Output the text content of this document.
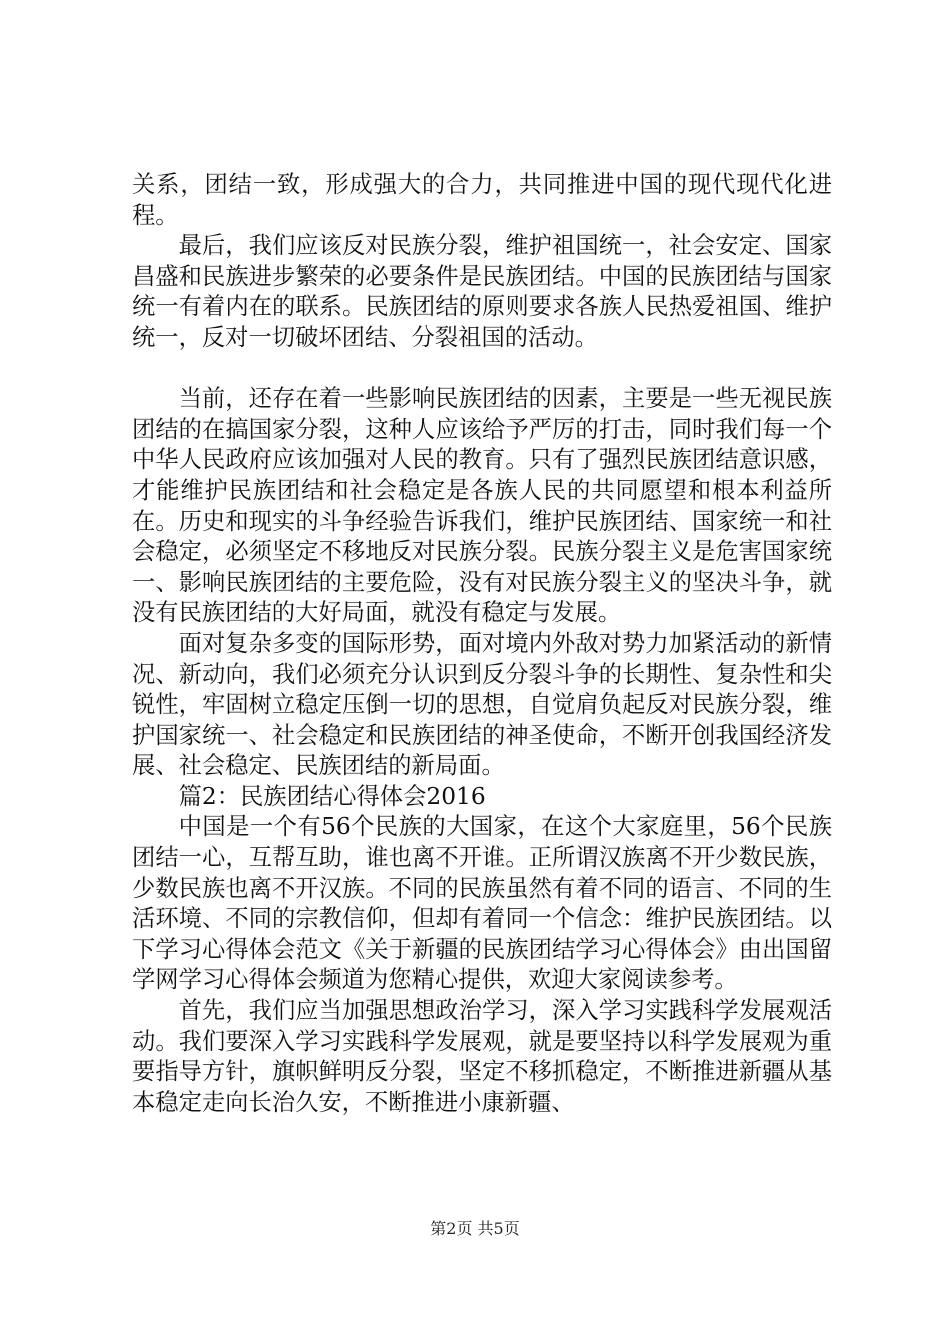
关系，团结一致，形成强大的合力，共同推进中国的现代现代化进程。

最后，我们应该反对民族分裂，维护祖国统一，社会安定、国家昌盛和民族进步繁荣的必要条件是民族团结。中国的民族团结与国家统一有着内在的联系。民族团结的原则要求各族人民热爱祖国、维护统一，反对一切破坏团结、分裂祖国的活动。

当前，还存在着一些影响民族团结的因素，主要是一些无视民族团结的在搞国家分裂，这种人应该给予严厉的打击，同时我们每一个中华人民政府应该加强对人民的教育。只有了强烈民族团结意识感，才能维护民族团结和社会稳定是各族人民的共同愿望和根本利益所在。历史和现实的斗争经验告诉我们，维护民族团结、国家统一和社会稳定，必须坚定不移地反对民族分裂。民族分裂主义是危害国家统一、影响民族团结的主要危险，没有对民族分裂主义的坚决斗争，就没有民族团结的大好局面，就没有稳定与发展。

面对复杂多变的国际形势，面对境内外敌对势力加紧活动的新情况、新动向，我们必须充分认识到反分裂斗争的长期性、复杂性和尖锐性，牢固树立稳定压倒一切的思想，自觉肩负起反对民族分裂，维护国家统一、社会稳定和民族团结的神圣使命，不断开创我国经济发展、社会稳定、民族团结的新局面。

篇2：民族团结心得体会2016

中国是一个有56个民族的大国家，在这个大家庭里，56个民族团结一心，互帮互助，谁也离不开谁。正所谓汉族离不开少数民族，少数民族也离不开汉族。不同的民族虽然有着不同的语言、不同的生活环境、不同的宗教信仰，但却有着同一个信念：维护民族团结。以下学习心得体会范文《关于新疆的民族团结学习心得体会》由出国留学网学习心得体会频道为您精心提供，欢迎大家阅读参考。

首先，我们应当加强思想政治学习，深入学习实践科学发展观活动。我们要深入学习实践科学发展观，就是要坚持以科学发展观为重要指导方针，旗帜鲜明反分裂，坚定不移抓稳定，不断推进新疆从基本稳定走向长治久安，不断推进小康新疆、

第2页 共5页
